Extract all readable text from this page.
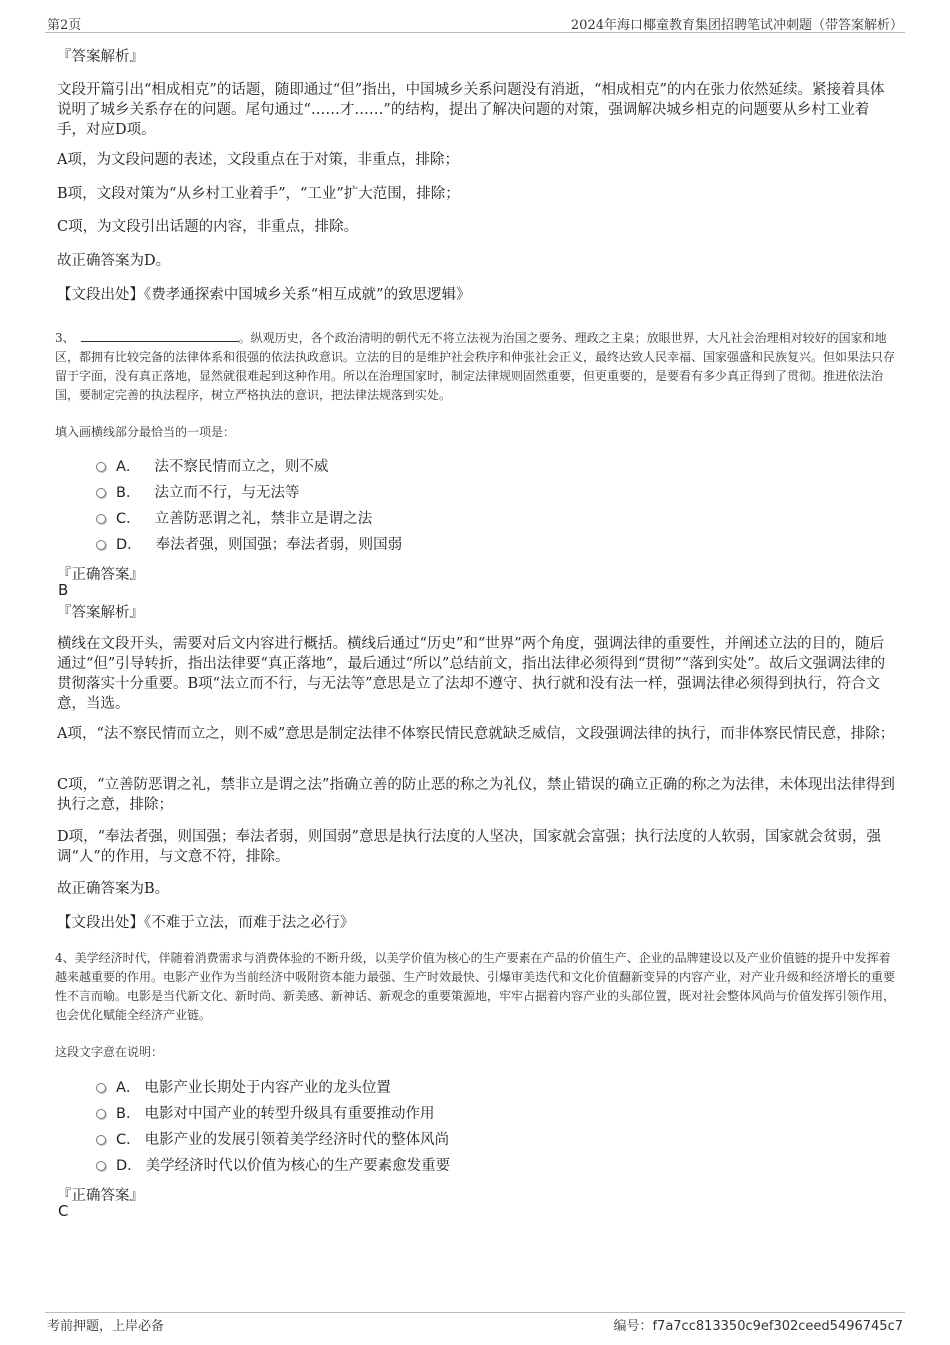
第2页	2024年海口椰童教育集团招聘笔试冲刺题（带答案解析）
『答案解析』
文段开篇引出“相成相克”的话题，随即通过“但”指出，中国城乡关系问题没有消逝，“相成相克”的内在张力依然延续。紧接着具体说明了城乡关系存在的问题。尾句通过“……才……”的结构，提出了解决问题的对策，强调解决城乡相克的问题要从乡村工业着手，对应D项。
A项，为文段问题的表述，文段重点在于对策，非重点，排除；
B项，文段对策为“从乡村工业着手”，“工业”扩大范围，排除；
C项，为文段引出话题的内容，非重点，排除。
故正确答案为D。
【文段出处】《费孝通探索中国城乡关系“相互成就”的致思逻辑》
3、	。纵观历史，各个政治清明的朝代无不将立法视为治国之要务、理政之主臬；放眼世界，大凡社会治理相对较好的国家和地区，都拥有比较完备的法律体系和很强的依法执政意识。立法的目的是维护社会秩序和伸张社会正义，最终达致人民幸福、国家强盛和民族复兴。但如果法只存留于字面，没有真正落地，显然就很难起到这种作用。所以在治理国家时，制定法律规则固然重要，但更重要的，是要看有多少真正得到了贯彻。推进依法治国，要制定完善的执法程序，树立严格执法的意识，把法律法规落到实处。
填入画横线部分最恰当的一项是：
A． 法不察民情而立之，则不威
B． 法立而不行，与无法等
C． 立善防恶谓之礼，禁非立是谓之法
D． 奉法者强，则国强；奉法者弱，则国弱
『正确答案』
B
『答案解析』
横线在文段开头，需要对后文内容进行概括。横线后通过“历史”和“世界”两个角度，强调法律的重要性，并阐述立法的目的，随后通过“但”引导转折，指出法律要“真正落地”，最后通过“所以”总结前文，指出法律必须得到“贯彻”“落到实处”。故后文强调法律的贯彻落实十分重要。B项“法立而不行，与无法等”意思是立了法却不遵守、执行就和没有法一样，强调法律必须得到执行，符合文意，当选。
A项，“法不察民情而立之，则不威”意思是制定法律不体察民情民意就缺乏威信，文段强调法律的执行，而非体察民情民意，排除；
C项，“立善防恶谓之礼，禁非立是谓之法”指确立善的防止恶的称之为礼仪，禁止错误的确立正确的称之为法律，未体现出法律得到执行之意，排除；
D项，“奉法者强，则国强；奉法者弱，则国弱”意思是执行法度的人坚决，国家就会富强；执行法度的人软弱，国家就会贫弱，强调“人”的作用，与文意不符，排除。
故正确答案为B。
【文段出处】《不难于立法，而难于法之必行》
4、美学经济时代，伴随着消费需求与消费体验的不断升级，以美学价值为核心的生产要素在产品的价值生产、企业的品牌建设以及产业价值链的提升中发挥着越来越重要的作用。电影产业作为当前经济中吸附资本能力最强、生产时效最快、引爆审美迭代和文化价值翻新变异的内容产业，对产业升级和经济增长的重要性不言而喻。电影是当代新文化、新时尚、新美感、新神话、新观念的重要策源地，牢牢占据着内容产业的头部位置，既对社会整体风尚与价值发挥引领作用，也会优化赋能全经济产业链。
这段文字意在说明：
A． 电影产业长期处于内容产业的龙头位置
B． 电影对中国产业的转型升级具有重要推动作用
C． 电影产业的发展引领着美学经济时代的整体风尚
D． 美学经济时代以价值为核心的生产要素愈发重要
『正确答案』
C
考前押题，上岸必备	编号：f7a7cc813350c9ef302ceed5496745c7
